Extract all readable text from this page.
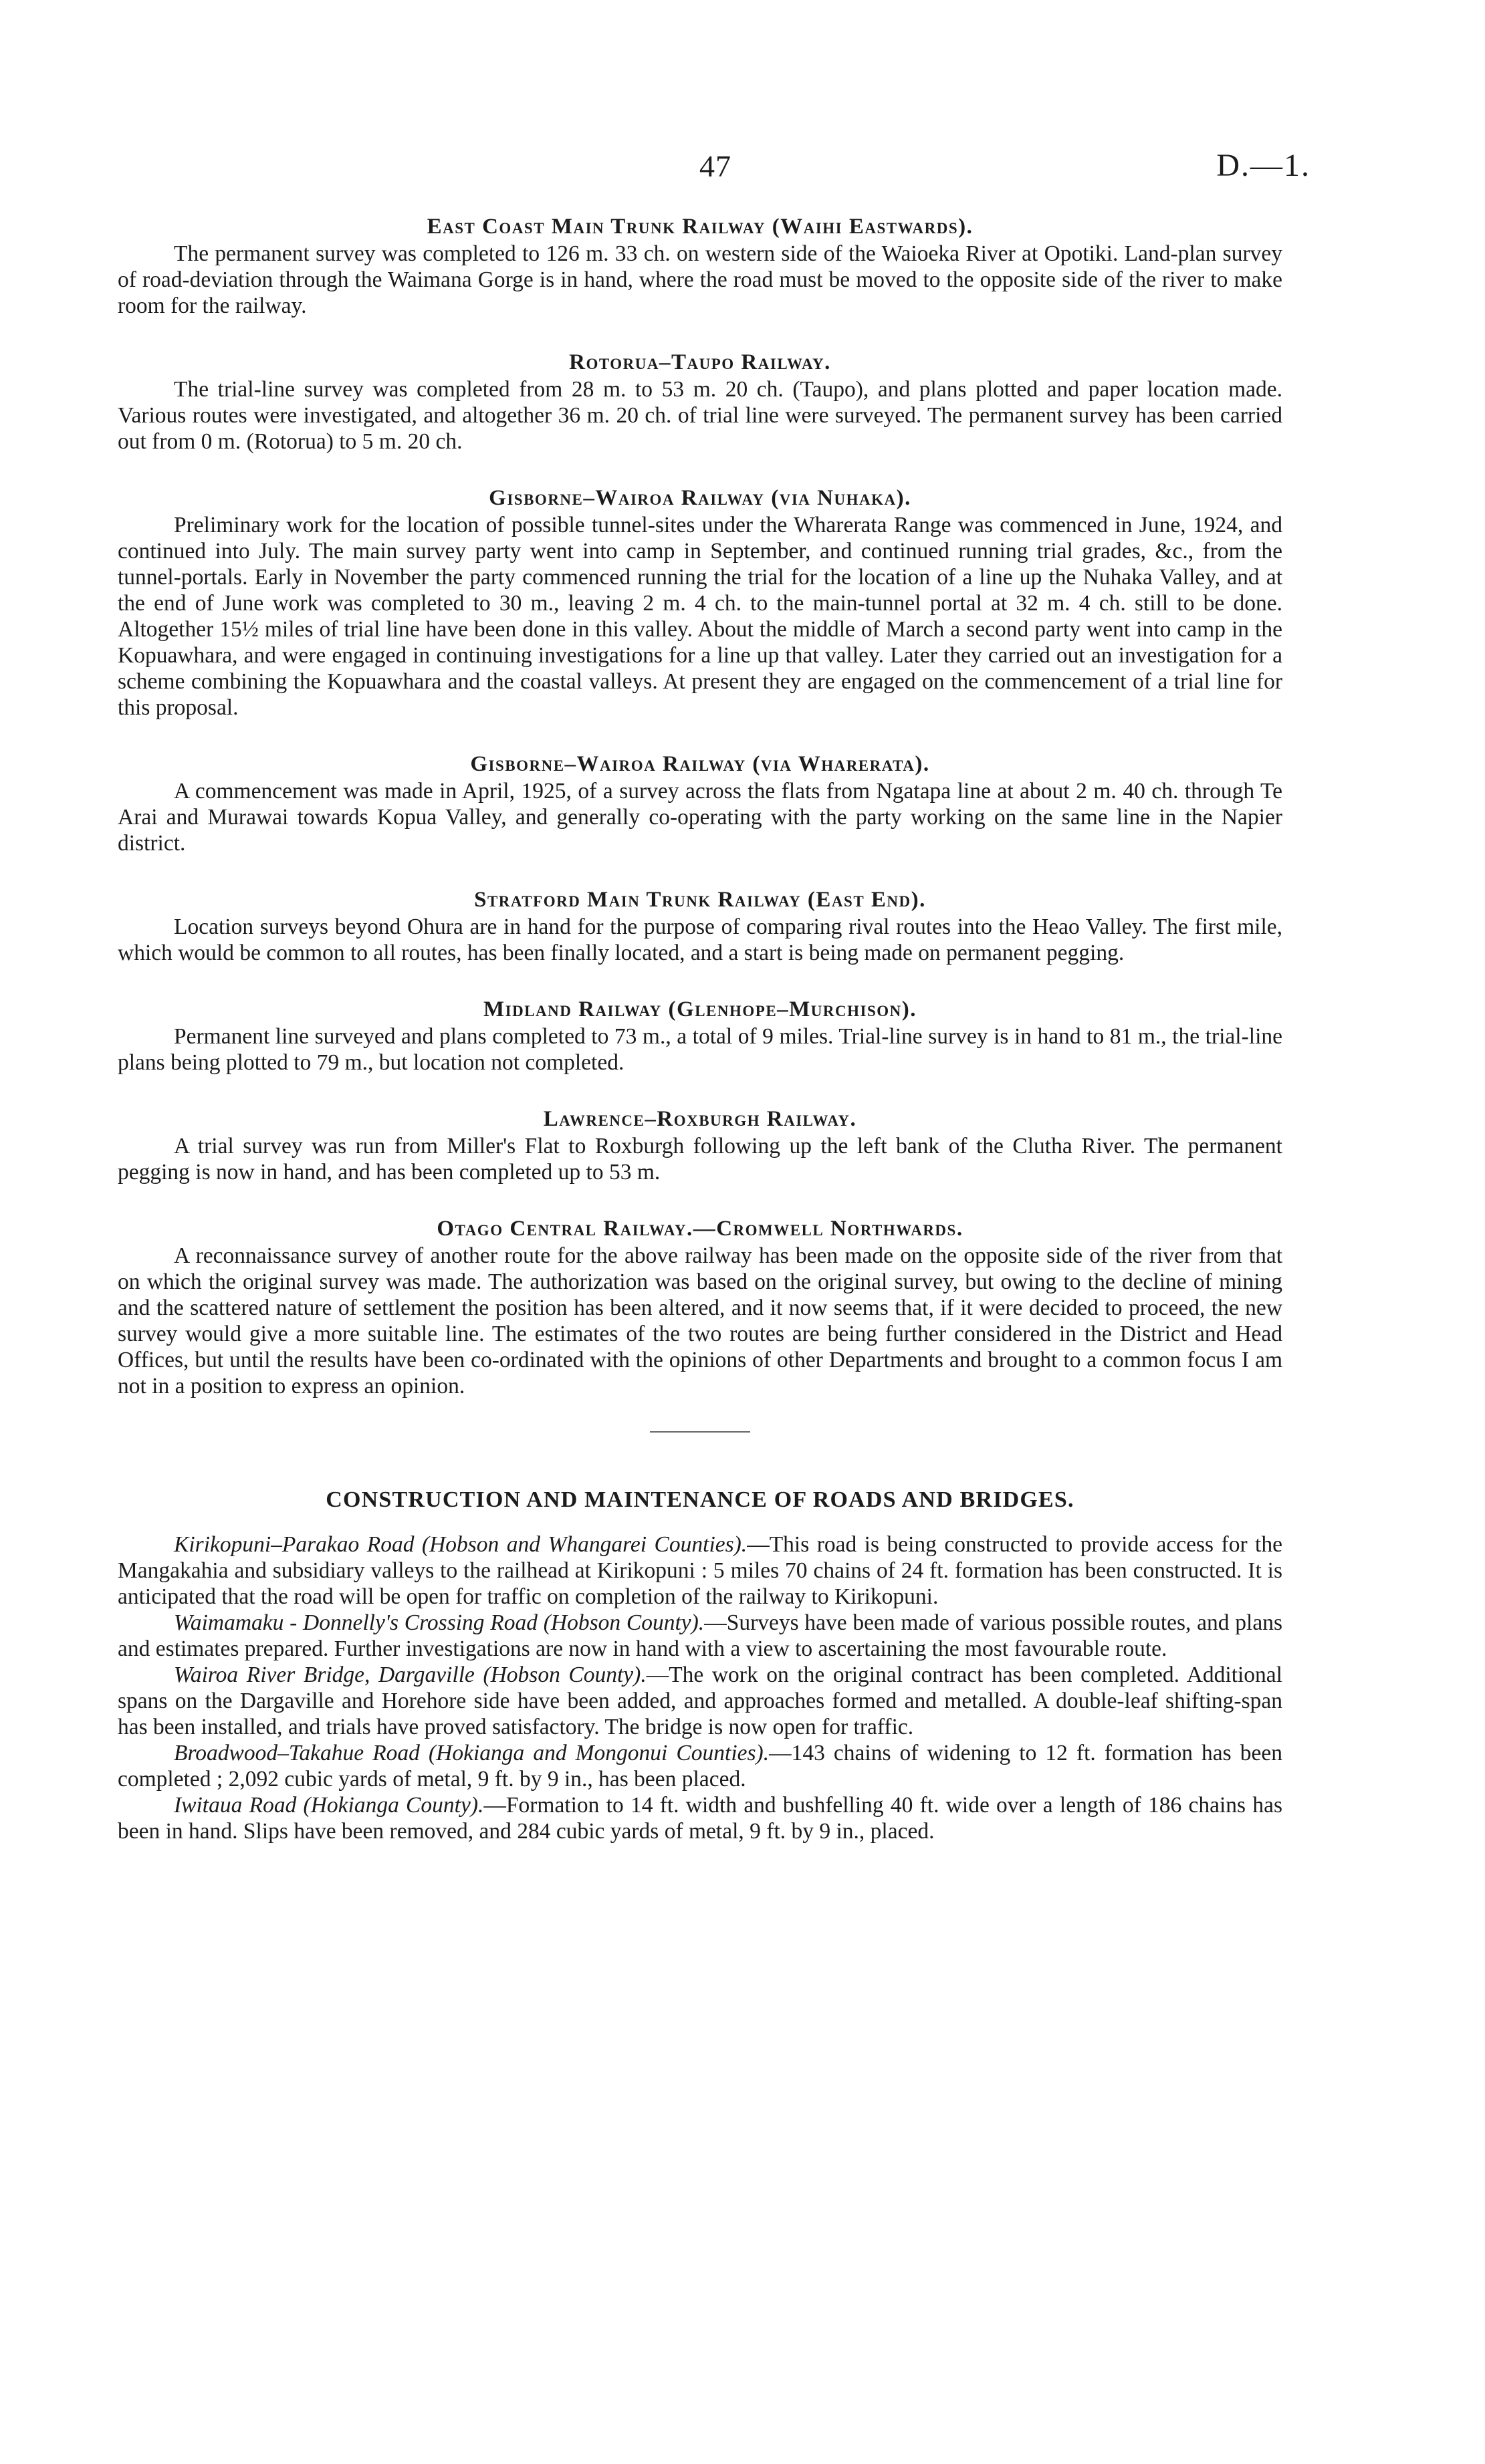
47	D.—1.
East Coast Main Trunk Railway (Waihi Eastwards).

The permanent survey was completed to 126 m. 33 ch. on western side of the Waioeka River at Opotiki. Land-plan survey of road-deviation through the Waimana Gorge is in hand, where the road must be moved to the opposite side of the river to make room for the railway.

Rotorua–Taupo Railway.

The trial-line survey was completed from 28 m. to 53 m. 20 ch. (Taupo), and plans plotted and paper location made. Various routes were investigated, and altogether 36 m. 20 ch. of trial line were surveyed. The permanent survey has been carried out from 0 m. (Rotorua) to 5 m. 20 ch.

Gisborne–Wairoa Railway (via Nuhaka).

Preliminary work for the location of possible tunnel-sites under the Wharerata Range was commenced in June, 1924, and continued into July. The main survey party went into camp in September, and continued running trial grades, &c., from the tunnel-portals. Early in November the party commenced running the trial for the location of a line up the Nuhaka Valley, and at the end of June work was completed to 30 m., leaving 2 m. 4 ch. to the main-tunnel portal at 32 m. 4 ch. still to be done. Altogether 15½ miles of trial line have been done in this valley. About the middle of March a second party went into camp in the Kopuawhara, and were engaged in continuing investigations for a line up that valley. Later they carried out an investigation for a scheme combining the Kopuawhara and the coastal valleys. At present they are engaged on the commencement of a trial line for this proposal.

Gisborne–Wairoa Railway (via Wharerata).

A commencement was made in April, 1925, of a survey across the flats from Ngatapa line at about 2 m. 40 ch. through Te Arai and Murawai towards Kopua Valley, and generally co-operating with the party working on the same line in the Napier district.

Stratford Main Trunk Railway (East End).

Location surveys beyond Ohura are in hand for the purpose of comparing rival routes into the Heao Valley. The first mile, which would be common to all routes, has been finally located, and a start is being made on permanent pegging.

Midland Railway (Glenhope–Murchison).

Permanent line surveyed and plans completed to 73 m., a total of 9 miles. Trial-line survey is in hand to 81 m., the trial-line plans being plotted to 79 m., but location not completed.

Lawrence–Roxburgh Railway.

A trial survey was run from Miller's Flat to Roxburgh following up the left bank of the Clutha River. The permanent pegging is now in hand, and has been completed up to 53 m.

Otago Central Railway.—Cromwell Northwards.

A reconnaissance survey of another route for the above railway has been made on the opposite side of the river from that on which the original survey was made. The authorization was based on the original survey, but owing to the decline of mining and the scattered nature of settlement the position has been altered, and it now seems that, if it were decided to proceed, the new survey would give a more suitable line. The estimates of the two routes are being further considered in the District and Head Offices, but until the results have been co-ordinated with the opinions of other Departments and brought to a common focus I am not in a position to express an opinion.

CONSTRUCTION AND MAINTENANCE OF ROADS AND BRIDGES.

Kirikopuni–Parakao Road (Hobson and Whangarei Counties).—This road is being constructed to provide access for the Mangakahia and subsidiary valleys to the railhead at Kirikopuni : 5 miles 70 chains of 24 ft. formation has been constructed. It is anticipated that the road will be open for traffic on completion of the railway to Kirikopuni.

Waimamaku - Donnelly's Crossing Road (Hobson County).—Surveys have been made of various possible routes, and plans and estimates prepared. Further investigations are now in hand with a view to ascertaining the most favourable route.

Wairoa River Bridge, Dargaville (Hobson County).—The work on the original contract has been completed. Additional spans on the Dargaville and Horehore side have been added, and approaches formed and metalled. A double-leaf shifting-span has been installed, and trials have proved satisfactory. The bridge is now open for traffic.

Broadwood–Takahue Road (Hokianga and Mongonui Counties).—143 chains of widening to 12 ft. formation has been completed ; 2,092 cubic yards of metal, 9 ft. by 9 in., has been placed.

Iwitaua Road (Hokianga County).—Formation to 14 ft. width and bushfelling 40 ft. wide over a length of 186 chains has been in hand. Slips have been removed, and 284 cubic yards of metal, 9 ft. by 9 in., placed.
